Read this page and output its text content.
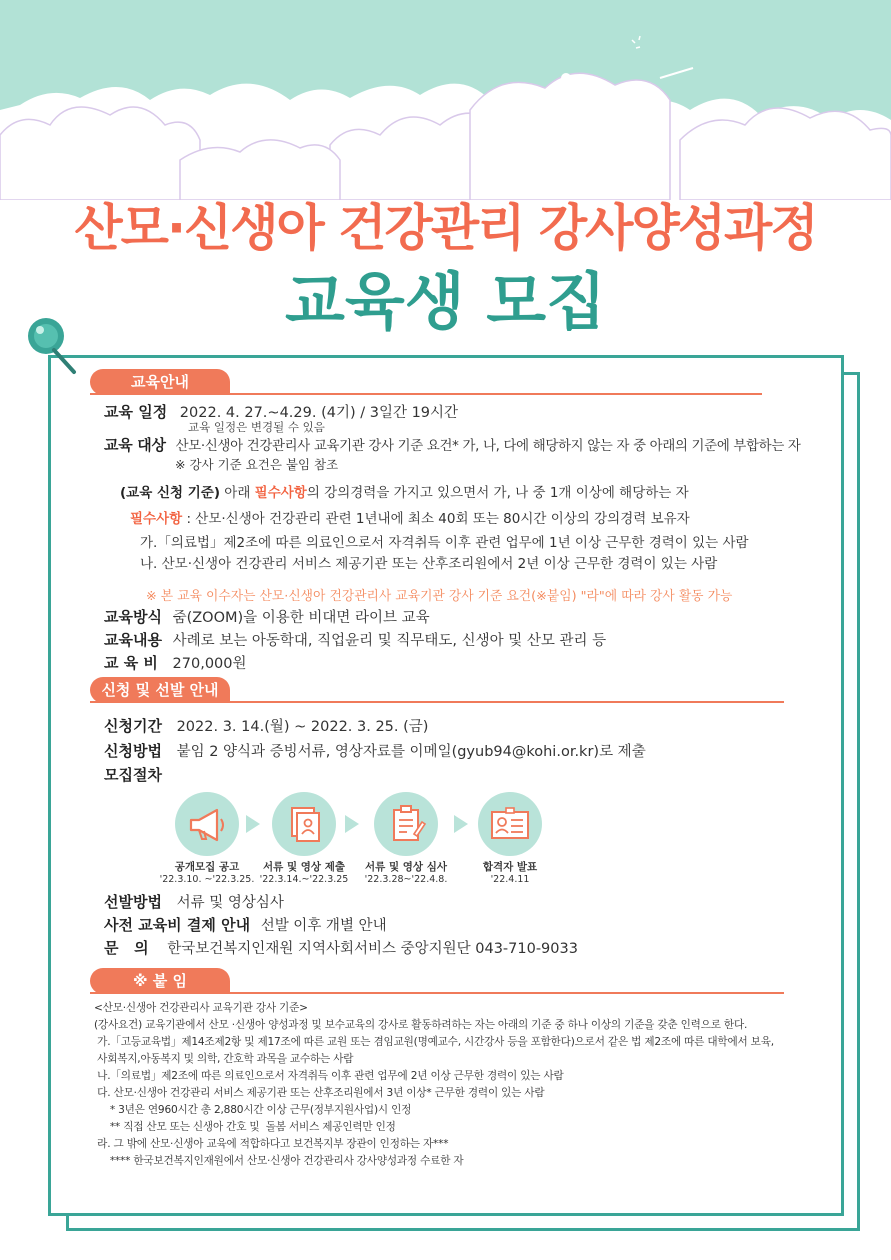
산모·신생아 건강관리 강사양성과정
교육생 모집
교육안내
교육 일정 2022. 4. 27.~4.29. (4기) / 3일간 19시간
교육 일정은 변경될 수 있음
교육 대상 산모·신생아 건강관리사 교육기관 강사 기준 요건* 가, 나, 다에 해당하지 않는 자 중 아래의 기준에 부합하는 자
※ 강사 기준 요건은 붙임 참조
(교육 신청 기준) 아래 필수사항의 강의경력을 가지고 있으면서 가, 나 중 1개 이상에 해당하는 자
필수사항 : 산모·신생아 건강관리 관련 1년내에 최소 40회 또는 80시간 이상의 강의경력 보유자
가.「의료법」제2조에 따른 의료인으로서 자격취득 이후 관련 업무에 1년 이상 근무한 경력이 있는 사람
나. 산모·신생아 건강관리 서비스 제공기관 또는 산후조리원에서 2년 이상 근무한 경력이 있는 사람
※ 본 교육 이수자는 산모·신생아 건강관리사 교육기관 강사 기준 요건(※붙임) "라"에 따라 강사 활동 가능
교육방식 줌(ZOOM)을 이용한 비대면 라이브 교육
교육내용 사례로 보는 아동학대, 직업윤리 및 직무태도, 신생아 및 산모 관리 등
교 육 비 270,000원
신청 및 선발 안내
신청기간 2022. 3. 14.(월) ~ 2022. 3. 25. (금)
신청방법 붙임 2 양식과 증빙서류, 영상자료를 이메일(gyub94@kohi.or.kr)로 제출
모집절차
공개모집 공고
'22.3.10. ~'22.3.25.
서류 및 영상 제출
'22.3.14.~'22.3.25
서류 및 영상 심사
'22.3.28~'22.4.8.
합격자 발표
'22.4.11
선발방법 서류 및 영상심사
사전 교육비 결제 안내 선발 이후 개별 안내
문   의 한국보건복지인재원 지역사회서비스 중앙지원단 043-710-9033
※ 붙 임
<산모·신생아 건강관리사 교육기관 강사 기준>
(강사요건) 교육기관에서 산모 ·신생아 양성과정 및 보수교육의 강사로 활동하려하는 자는 아래의 기준 중 하나 이상의 기준을 갖춘 인력으로 한다.
가.「고등교육법」제14조제2항 및 제17조에 따른 교원 또는 겸임교원(명예교수, 시간강사 등을 포함한다)으로서 같은 법 제2조에 따른 대학에서 보육,
사회복지,아동복지 및 의학, 간호학 과목을 교수하는 사람
나.「의료법」제2조에 따른 의료인으로서 자격취득 이후 관련 업무에 2년 이상 근무한 경력이 있는 사람
다. 산모·신생아 건강관리 서비스 제공기관 또는 산후조리원에서 3년 이상* 근무한 경력이 있는 사람
* 3년은 연960시간 총 2,880시간 이상 근무(정부지원사업)시 인정
** 직접 산모 또는 신생아 간호 및  돌봄 서비스 제공인력만 인정
라. 그 밖에 산모·신생아 교육에 적합하다고 보건복지부 장관이 인정하는 자***
**** 한국보건복지인재원에서 산모·신생아 건강관리사 강사양성과정 수료한 자
